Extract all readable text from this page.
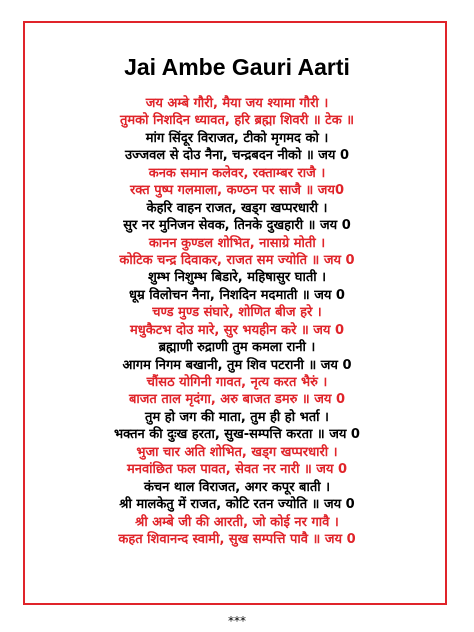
Jai Ambe Gauri Aarti
जय अम्बे गौरी, मैया जय श्यामा गौरी ।
तुमको निशदिन ध्यावत, हरि ब्रह्मा शिवरी ॥ टेक ॥
मांग सिंदूर विराजत, टीको मृगमद को ।
उज्जवल से दोउ नैना, चन्द्रबदन नीको ॥ जय 0
कनक समान कलेवर, रक्ताम्बर राजै ।
रक्त पुष्प गलमाला, कण्ठन पर साजै ॥ जय0
केहरि वाहन राजत, खड्ग खप्परधारी ।
सुर नर मुनिजन सेवक, तिनके दुखहारी ॥ जय 0
कानन कुण्डल शोभित, नासाग्रे मोती ।
कोटिक चन्द्र दिवाकर, राजत सम ज्योति ॥ जय 0
शुम्भ निशुम्भ बिडारे, महिषासुर घाती ।
धूम्र विलोचन नैना, निशदिन मदमाती ॥ जय 0
चण्ड मुण्ड संघारे, शोणित बीज हरे ।
मधुकैटभ दोउ मारे, सुर भयहीन करे ॥ जय 0
ब्रह्माणी रुद्राणी तुम कमला रानी ।
आगम निगम बखानी, तुम शिव पटरानी ॥ जय 0
चौंसठ योगिनी गावत, नृत्य करत भैरुं ।
बाजत ताल मृदंगा, अरु बाजत डमरु ॥ जय 0
तुम हो जग की माता, तुम ही हो भर्ता ।
भक्तन की दुःख हरता, सुख-सम्पत्ति करता ॥ जय 0
भुजा चार अति शोभित, खड्ग खप्परधारी ।
मनवांछित फल पावत, सेवत नर नारी ॥ जय 0
कंचन थाल विराजत, अगर कपूर बाती ।
श्री मालकेतु में राजत, कोटि रतन ज्योति ॥ जय 0
श्री अम्बे जी की आरती, जो कोई नर गावै ।
कहत शिवानन्द स्वामी, सुख सम्पत्ति पावै ॥ जय 0
***
